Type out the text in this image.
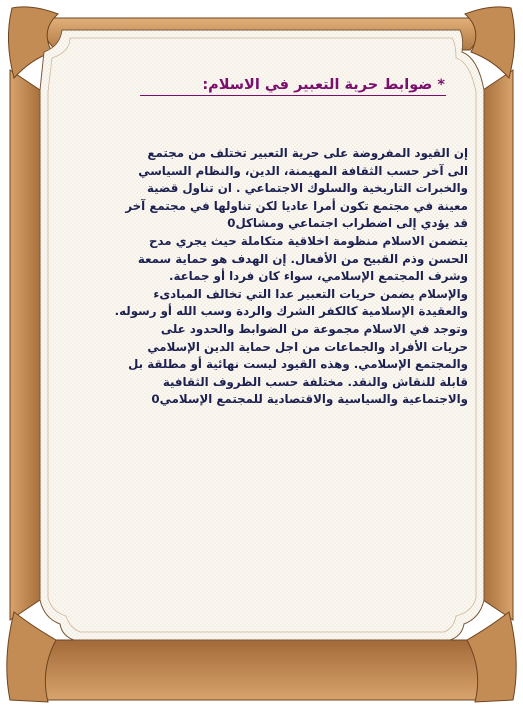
* ضوابط حرية التعبير في الاسلام:
إن القيود المفروضة على حرية التعبير تختلف من مجتمع
الى آخر حسب الثقافة المهيمنة، الدين، والنظام السياسي
والخبرات التاريخية والسلوك الاجتماعي . ان تناول قضية
معينة في مجتمع تكون أمرا عاديا لكن تناولها في مجتمع آخر
قد يؤدي إلى اضطراب اجتماعي ومشاكل0
يتضمن الاسلام منظومة اخلاقية متكاملة حيث يجري مدح
الحسن وذم القبيح من الأفعال. إن الهدف هو حماية سمعة
وشرف المجتمع الإسلامي، سواء كان فردا أو جماعة.
والإسلام يضمن حريات التعبير عدا التي تخالف المبادىء
والعقيدة الإسلامية كالكفر الشرك والردة وسب الله أو رسوله.
وتوجد في الاسلام مجموعة من الضوابط والحدود على
حريات الأفراد والجماعات من اجل حماية الدين الإسلامي
والمجتمع الإسلامي. وهذه القيود ليست نهائية أو مطلقة بل
قابلة للنقاش والنقد. مختلفة حسب الظروف الثقافية
والاجتماعية والسياسية والاقتصادية للمجتمع الإسلامي0
